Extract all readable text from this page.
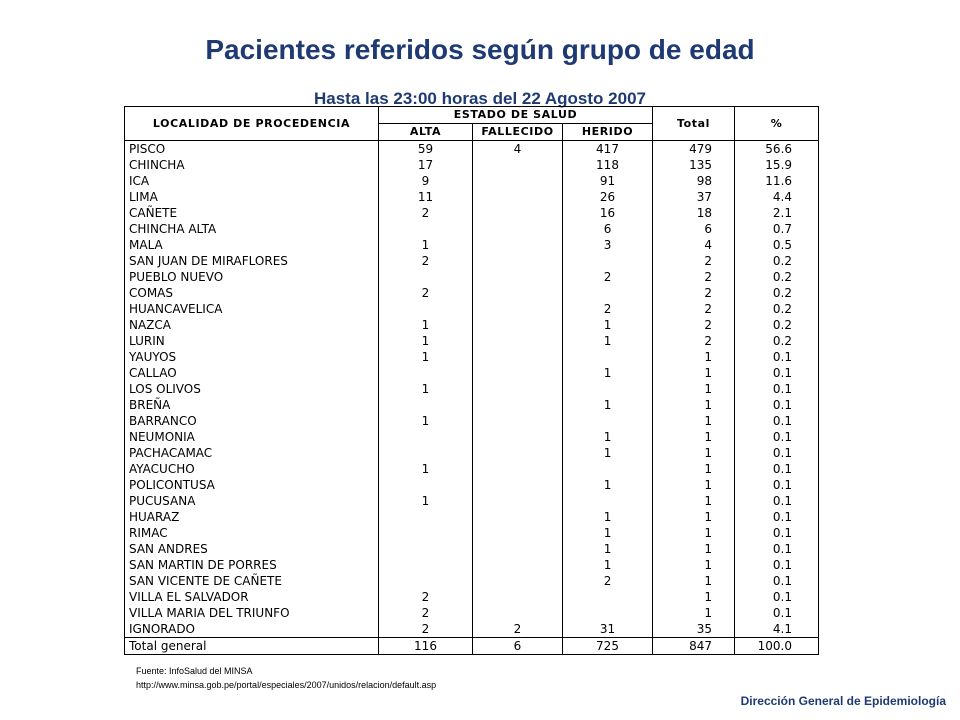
Pacientes referidos según grupo de edad
Hasta las 23:00 horas del 22 Agosto 2007
LOCALIDAD DE PROCEDENCIA	ESTADO DE SALUD			Total	%
	ALTA	FALLECIDO	HERIDO		
PISCO	59	4	417	479	56.6
CHINCHA	17		118	135	15.9
ICA	9		91	98	11.6
LIMA	11		26	37	4.4
CAÑETE	2		16	18	2.1
CHINCHA ALTA			6	6	0.7
MALA	1		3	4	0.5
SAN JUAN DE MIRAFLORES	2			2	0.2
PUEBLO NUEVO			2	2	0.2
COMAS	2			2	0.2
HUANCAVELICA			2	2	0.2
NAZCA	1		1	2	0.2
LURIN	1		1	2	0.2
YAUYOS	1			1	0.1
CALLAO			1	1	0.1
LOS OLIVOS	1			1	0.1
BREÑA			1	1	0.1
BARRANCO	1			1	0.1
NEUMONIA			1	1	0.1
PACHACAMAC			1	1	0.1
AYACUCHO	1			1	0.1
POLICONTUSA			1	1	0.1
PUCUSANA	1			1	0.1
HUARAZ			1	1	0.1
RIMAC			1	1	0.1
SAN ANDRES			1	1	0.1
SAN MARTIN DE PORRES			1	1	0.1
SAN VICENTE DE CAÑETE			2	1	0.1
VILLA EL SALVADOR	2			1	0.1
VILLA MARIA DEL TRIUNFO	2			1	0.1
IGNORADO	2	2	31	35	4.1
Total general	116	6	725	847	100.0
Fuente: InfoSalud del MINSA
http://www.minsa.gob.pe/portal/especiales/2007/unidos/relacion/default.asp
Dirección General de Epidemiología
